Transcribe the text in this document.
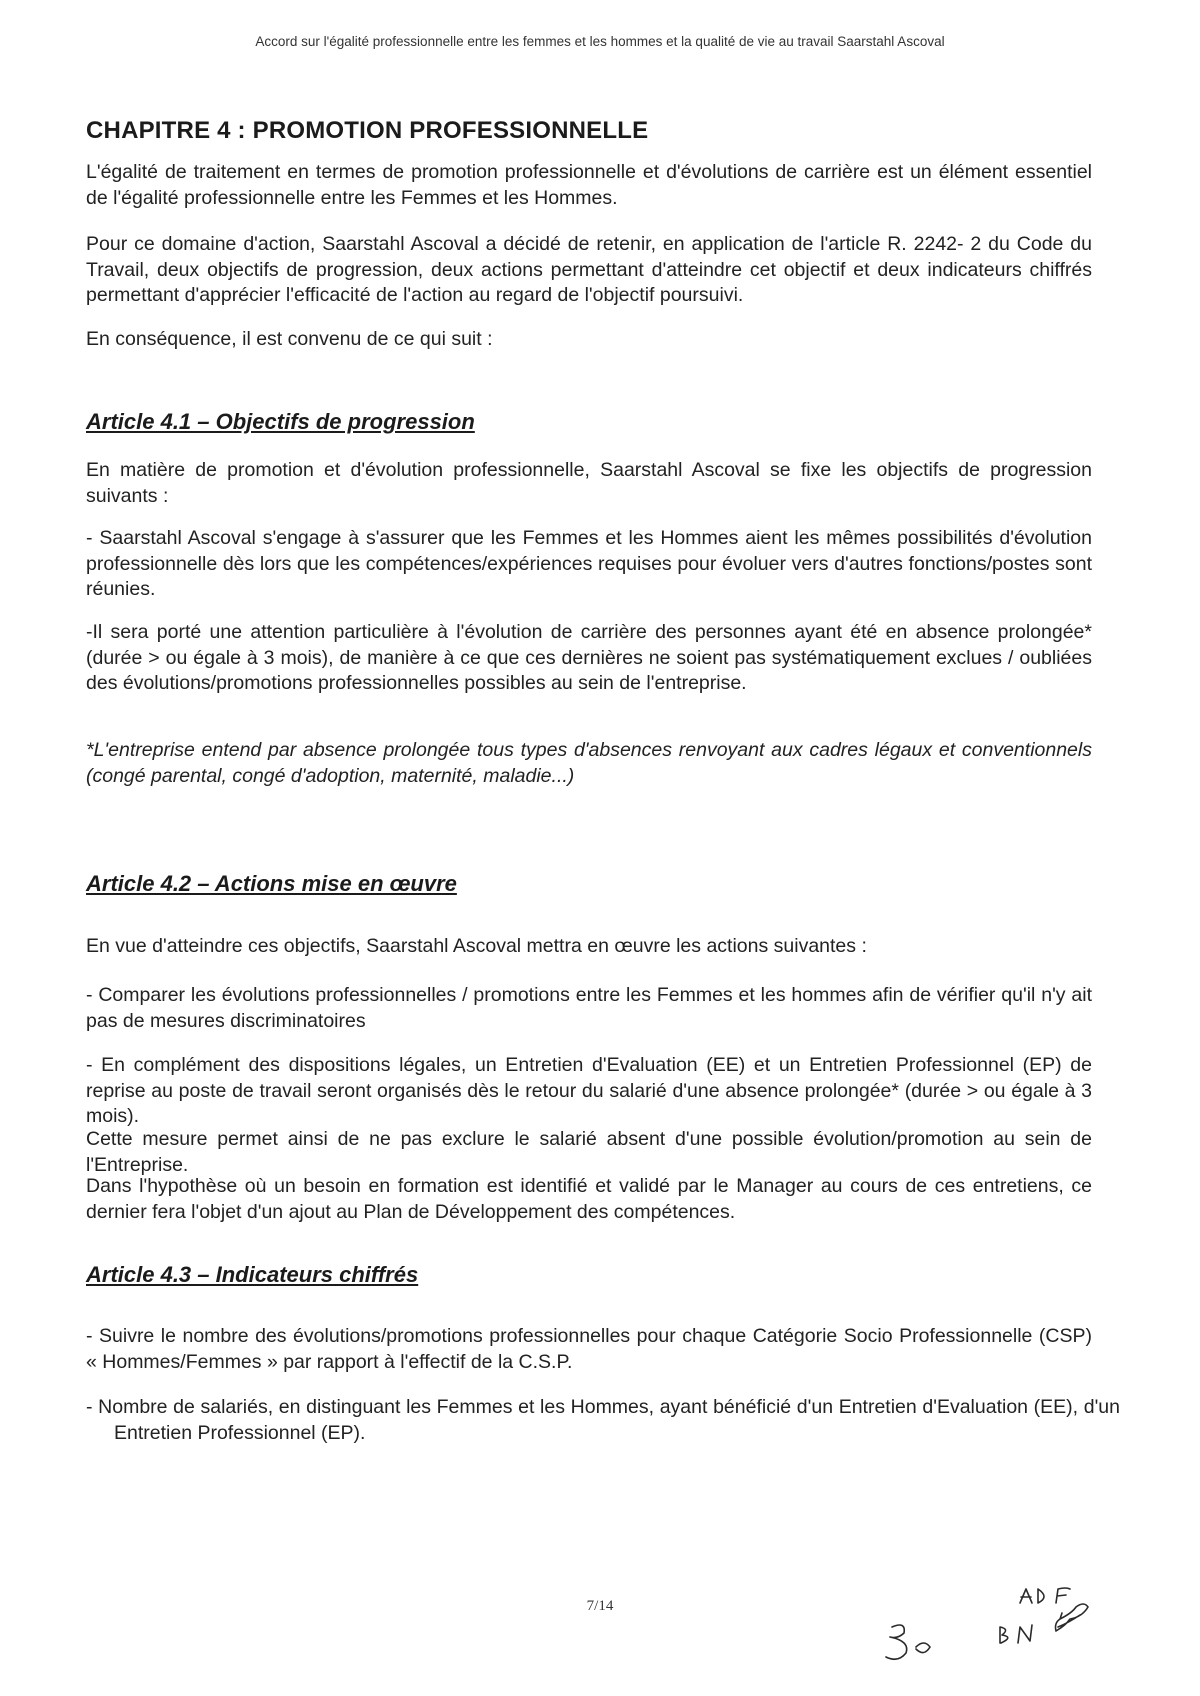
Accord sur l'égalité professionnelle entre les femmes et les hommes et la qualité de vie au travail Saarstahl Ascoval
CHAPITRE 4 : PROMOTION PROFESSIONNELLE

L'égalité de traitement en termes de promotion professionnelle et d'évolutions de carrière est un élément essentiel de l'égalité professionnelle entre les Femmes et les Hommes.

Pour ce domaine d'action, Saarstahl Ascoval a décidé de retenir, en application de l'article R. 2242- 2 du Code du Travail, deux objectifs de progression, deux actions permettant d'atteindre cet objectif et deux indicateurs chiffrés permettant d'apprécier l'efficacité de l'action au regard de l'objectif poursuivi.

En conséquence, il est convenu de ce qui suit :

Article 4.1 – Objectifs de progression

En matière de promotion et d'évolution professionnelle, Saarstahl Ascoval se fixe les objectifs de progression suivants :

- Saarstahl Ascoval s'engage à s'assurer que les Femmes et les Hommes aient les mêmes possibilités d'évolution professionnelle dès lors que les compétences/expériences requises pour évoluer vers d'autres fonctions/postes sont réunies.

-Il sera porté une attention particulière à l'évolution de carrière des personnes ayant été en absence prolongée* (durée > ou égale à 3 mois), de manière à ce que ces dernières ne soient pas systématiquement exclues / oubliées des évolutions/promotions professionnelles possibles au sein de l'entreprise.

*L'entreprise entend par absence prolongée tous types d'absences renvoyant aux cadres légaux et conventionnels (congé parental, congé d'adoption, maternité, maladie...)

Article 4.2 – Actions mise en œuvre

En vue d'atteindre ces objectifs, Saarstahl Ascoval mettra en œuvre les actions suivantes :

- Comparer les évolutions professionnelles / promotions entre les Femmes et les hommes afin de vérifier qu'il n'y ait pas de mesures discriminatoires

- En complément des dispositions légales, un Entretien d'Evaluation (EE) et un Entretien Professionnel (EP) de reprise au poste de travail seront organisés dès le retour du salarié d'une absence prolongée* (durée > ou égale à 3 mois).

Cette mesure permet ainsi de ne pas exclure le salarié absent d'une possible évolution/promotion au sein de l'Entreprise.

Dans l'hypothèse où un besoin en formation est identifié et validé par le Manager au cours de ces entretiens, ce dernier fera l'objet d'un ajout au Plan de Développement des compétences.

Article 4.3 – Indicateurs chiffrés

- Suivre le nombre des évolutions/promotions professionnelles pour chaque Catégorie Socio Professionnelle (CSP) « Hommes/Femmes » par rapport à l'effectif de la C.S.P.

- Nombre de salariés, en distinguant les Femmes et les Hommes, ayant bénéficié d'un Entretien d'Evaluation (EE), d'un Entretien Professionnel (EP).

7/14
